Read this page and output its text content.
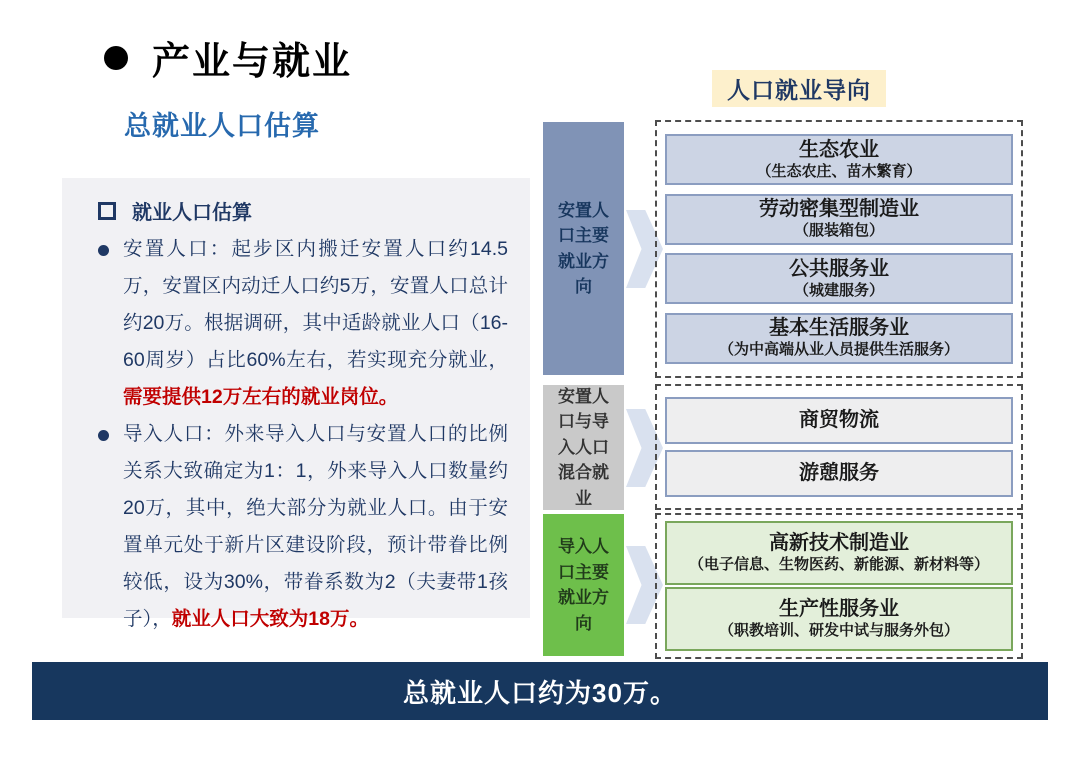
产业与就业
总就业人口估算
就业人口估算
安置人口：起步区内搬迁安置人口约14.5万，安置区内动迁人口约5万，安置人口总计约20万。根据调研，其中适龄就业人口（16-60周岁）占比60%左右，若实现充分就业，需要提供12万左右的就业岗位。
导入人口：外来导入人口与安置人口的比例关系大致确定为1：1，外来导入人口数量约20万，其中，绝大部分为就业人口。由于安置单元处于新片区建设阶段，预计带眷比例较低，设为30%，带眷系数为2（夫妻带1孩子），就业人口大致为18万。
人口就业导向
安置人口主要就业方向
安置人口与导入人口混合就业
导入人口主要就业方向
生态农业
（生态农庄、苗木繁育）
劳动密集型制造业
（服装箱包）
公共服务业
（城建服务）
基本生活服务业
（为中高端从业人员提供生活服务）
商贸物流
游憩服务
高新技术制造业
（电子信息、生物医药、新能源、新材料等）
生产性服务业
（职教培训、研发中试与服务外包）
总就业人口约为30万。
